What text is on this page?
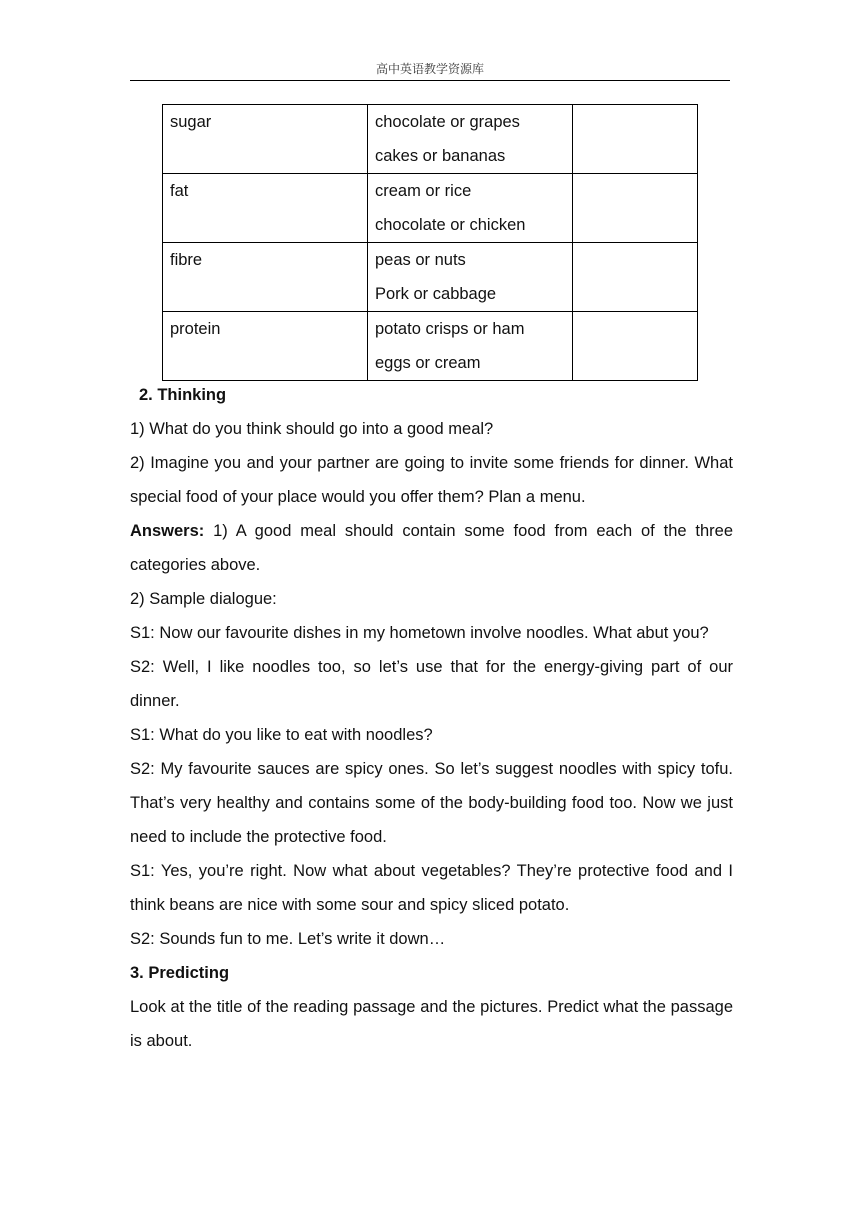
高中英语教学资源库
sugar	chocolate or grapes
cakes or bananas	

fat	cream or rice
chocolate or chicken	

fibre	peas or nuts
Pork or cabbage	

protein	potato crisps or ham
eggs or cream	

2. Thinking

1) What do you think should go into a good meal?

2) Imagine you and your partner are going to invite some friends for dinner. What special food of your place would you offer them? Plan a menu.

Answers: 1) A good meal should contain some food from each of the three categories above.

2) Sample dialogue:

S1: Now our favourite dishes in my hometown involve noodles. What abut you?

S2: Well, I like noodles too, so let’s use that for the energy-giving part of our dinner.

S1: What do you like to eat with noodles?

S2: My favourite sauces are spicy ones. So let’s suggest noodles with spicy tofu. That’s very healthy and contains some of the body-building food too. Now we just need to include the protective food.

S1: Yes, you’re right. Now what about vegetables? They’re protective food and I think beans are nice with some sour and spicy sliced potato.

S2: Sounds fun to me. Let’s write it down…

3. Predicting

Look at the title of the reading passage and the pictures. Predict what the passage is about.
